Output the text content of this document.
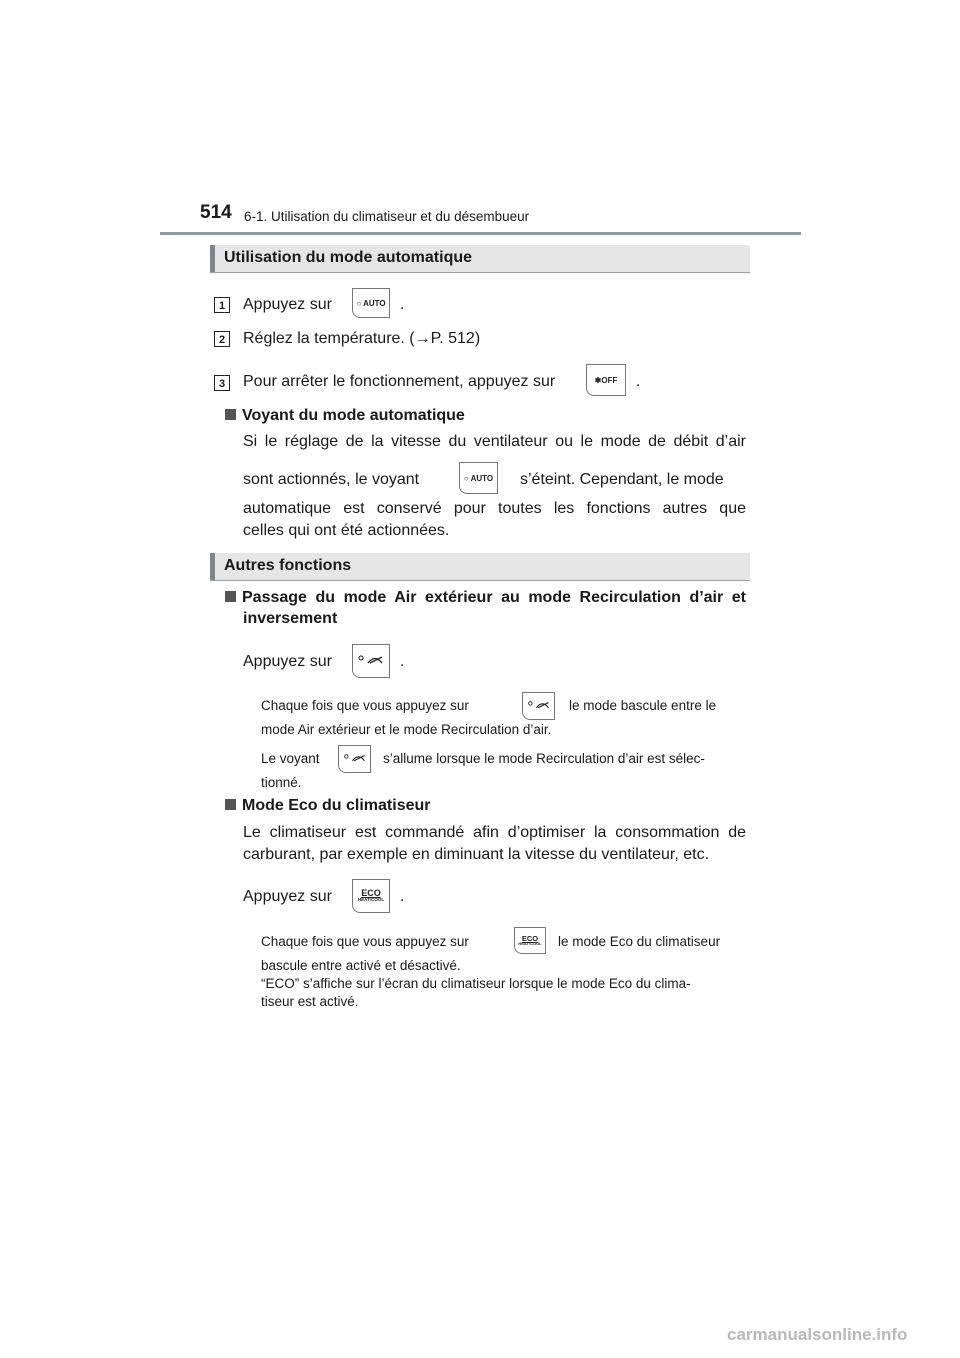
514 6-1. Utilisation du climatiseur et du désembueur
Utilisation du mode automatique
1	Appuyez sur	○ AUTO .
2	Réglez la température. (→P. 512)
3	Pour arrêter le fonctionnement, appuyez sur	✱OFF .
Voyant du mode automatique
Si le réglage de la vitesse du ventilateur ou le mode de débit d’air
sont actionnés, le voyant	○ AUTO s’éteint. Cependant, le mode
automatique est conservé pour toutes les fonctions autres que
celles qui ont été actionnées.
Autres fonctions
Passage du mode Air extérieur au mode Recirculation d’air et
inversement
Appuyez sur	.
Chaque fois que vous appuyez sur	le mode bascule entre le
mode Air extérieur et le mode Recirculation d’air.
Le voyant	s’allume lorsque le mode Recirculation d’air est sélec-
tionné.
Mode Eco du climatiseur
Le climatiseur est commandé afin d’optimiser la consommation de
carburant, par exemple en diminuant la vitesse du ventilateur, etc.
Appuyez sur	ECO
HEAT/COOL .
Chaque fois que vous appuyez sur	ECO
HEAT/COOL le mode Eco du climatiseur
bascule entre activé et désactivé.
“ECO” s’affiche sur l’écran du climatiseur lorsque le mode Eco du clima-
tiseur est activé.
carmanualsonline.info
